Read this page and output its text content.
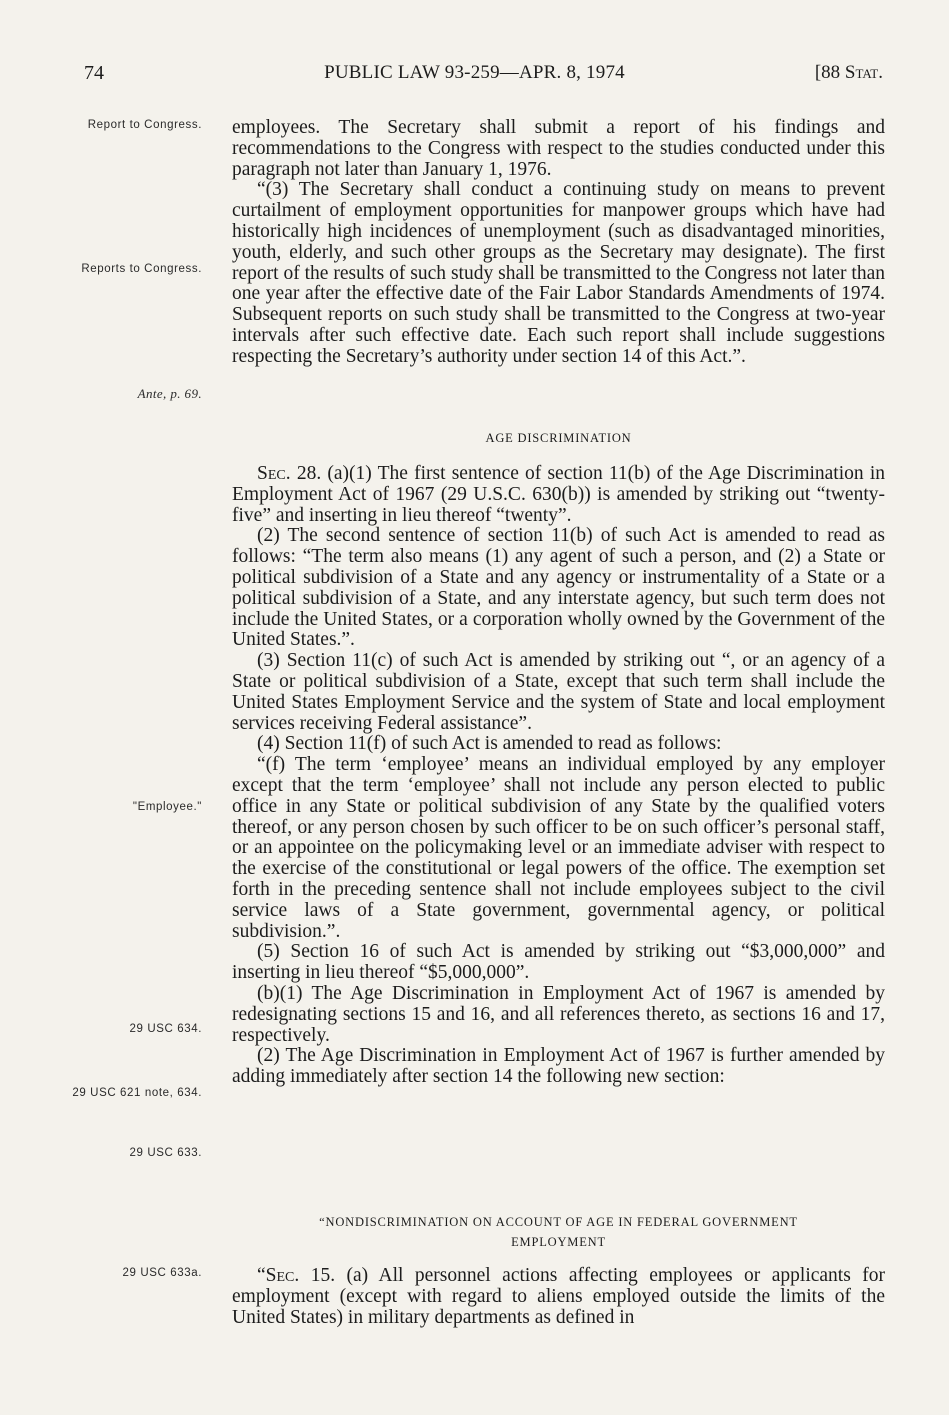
74	PUBLIC LAW 93-259—APR. 8, 1974	[88 Stat.
Report to Congress.
Reports to Congress.
Ante, p. 69.
"Employee."
29 USC 634.
29 USC 621 note, 634.
29 USC 633.
29 USC 633a.

employees. The Secretary shall submit a report of his findings and recommendations to the Congress with respect to the studies conducted under this paragraph not later than January 1, 1976.

“(3) The Secretary shall conduct a continuing study on means to prevent curtailment of employment opportunities for manpower groups which have had historically high incidences of unemployment (such as disadvantaged minorities, youth, elderly, and such other groups as the Secretary may designate). The first report of the results of such study shall be transmitted to the Congress not later than one year after the effective date of the Fair Labor Standards Amendments of 1974. Subsequent reports on such study shall be transmitted to the Congress at two-year intervals after such effective date. Each such report shall include suggestions respecting the Secretary’s authority under section 14 of this Act.”.

AGE DISCRIMINATION

Sec. 28. (a)(1) The first sentence of section 11(b) of the Age Discrimination in Employment Act of 1967 (29 U.S.C. 630(b)) is amended by striking out “twenty-five” and inserting in lieu thereof “twenty”.

(2) The second sentence of section 11(b) of such Act is amended to read as follows: “The term also means (1) any agent of such a person, and (2) a State or political subdivision of a State and any agency or instrumentality of a State or a political subdivision of a State, and any interstate agency, but such term does not include the United States, or a corporation wholly owned by the Government of the United States.”.

(3) Section 11(c) of such Act is amended by striking out “, or an agency of a State or political subdivision of a State, except that such term shall include the United States Employment Service and the system of State and local employment services receiving Federal assistance”.

(4) Section 11(f) of such Act is amended to read as follows:

“(f) The term ‘employee’ means an individual employed by any employer except that the term ‘employee’ shall not include any person elected to public office in any State or political subdivision of any State by the qualified voters thereof, or any person chosen by such officer to be on such officer’s personal staff, or an appointee on the policymaking level or an immediate adviser with respect to the exercise of the constitutional or legal powers of the office. The exemption set forth in the preceding sentence shall not include employees subject to the civil service laws of a State government, governmental agency, or political subdivision.”.

(5) Section 16 of such Act is amended by striking out “$3,000,000” and inserting in lieu thereof “$5,000,000”.

(b)(1) The Age Discrimination in Employment Act of 1967 is amended by redesignating sections 15 and 16, and all references thereto, as sections 16 and 17, respectively.

(2) The Age Discrimination in Employment Act of 1967 is further amended by adding immediately after section 14 the following new section:

“NONDISCRIMINATION ON ACCOUNT OF AGE IN FEDERAL GOVERNMENT
EMPLOYMENT

“Sec. 15. (a) All personnel actions affecting employees or applicants for employment (except with regard to aliens employed outside the limits of the United States) in military departments as defined in
